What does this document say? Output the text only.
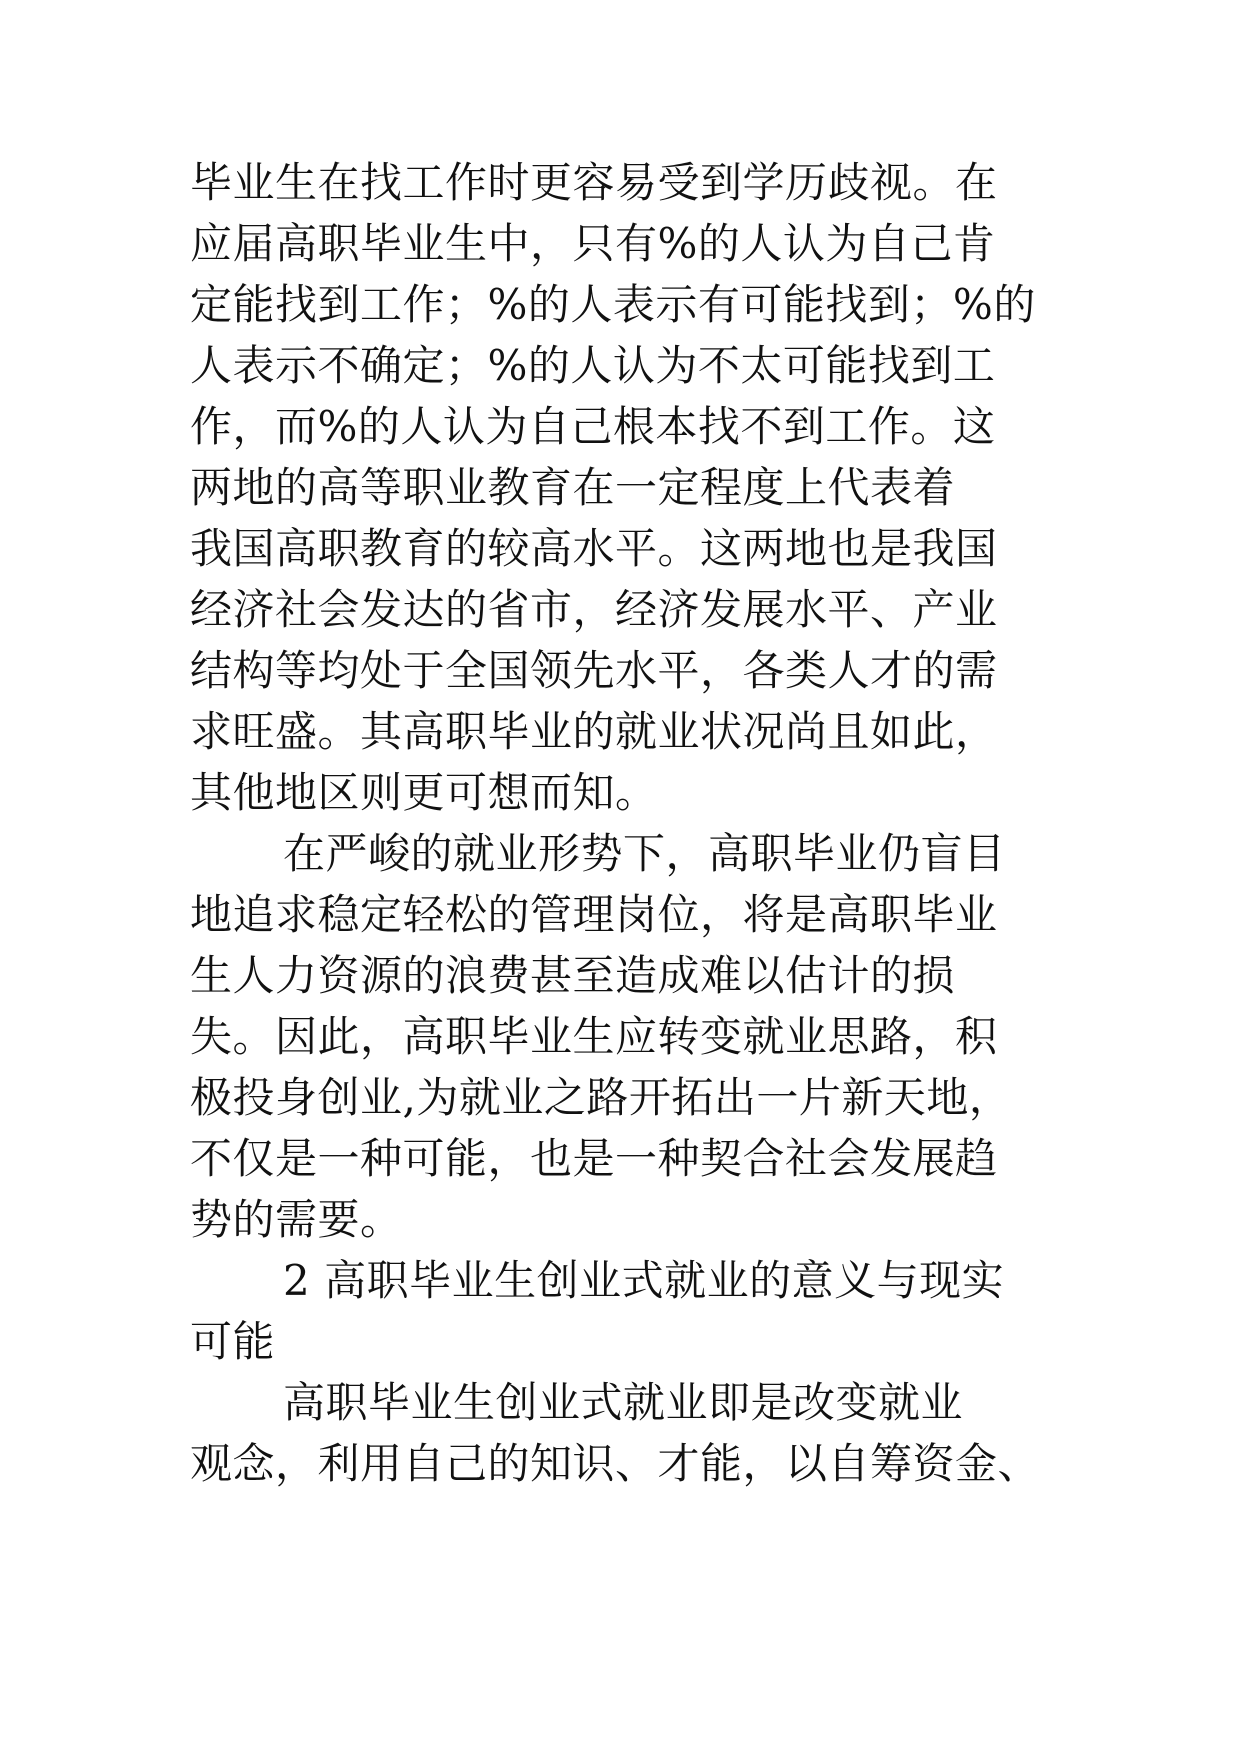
毕业生在找工作时更容易受到学历歧视。在
应届高职毕业生中，只有%的人认为自己肯
定能找到工作；%的人表示有可能找到；%的
人表示不确定；%的人认为不太可能找到工
作，而%的人认为自己根本找不到工作。这
两地的高等职业教育在一定程度上代表着
我国高职教育的较高水平。这两地也是我国
经济社会发达的省市，经济发展水平、产业
结构等均处于全国领先水平，各类人才的需
求旺盛。其高职毕业的就业状况尚且如此，
其他地区则更可想而知。
在严峻的就业形势下，高职毕业仍盲目
地追求稳定轻松的管理岗位，将是高职毕业
生人力资源的浪费甚至造成难以估计的损
失。因此，高职毕业生应转变就业思路，积
极投身创业,为就业之路开拓出一片新天地，
不仅是一种可能，也是一种契合社会发展趋
势的需要。
2 高职毕业生创业式就业的意义与现实
可能
高职毕业生创业式就业即是改变就业
观念，利用自己的知识、才能，以自筹资金、
